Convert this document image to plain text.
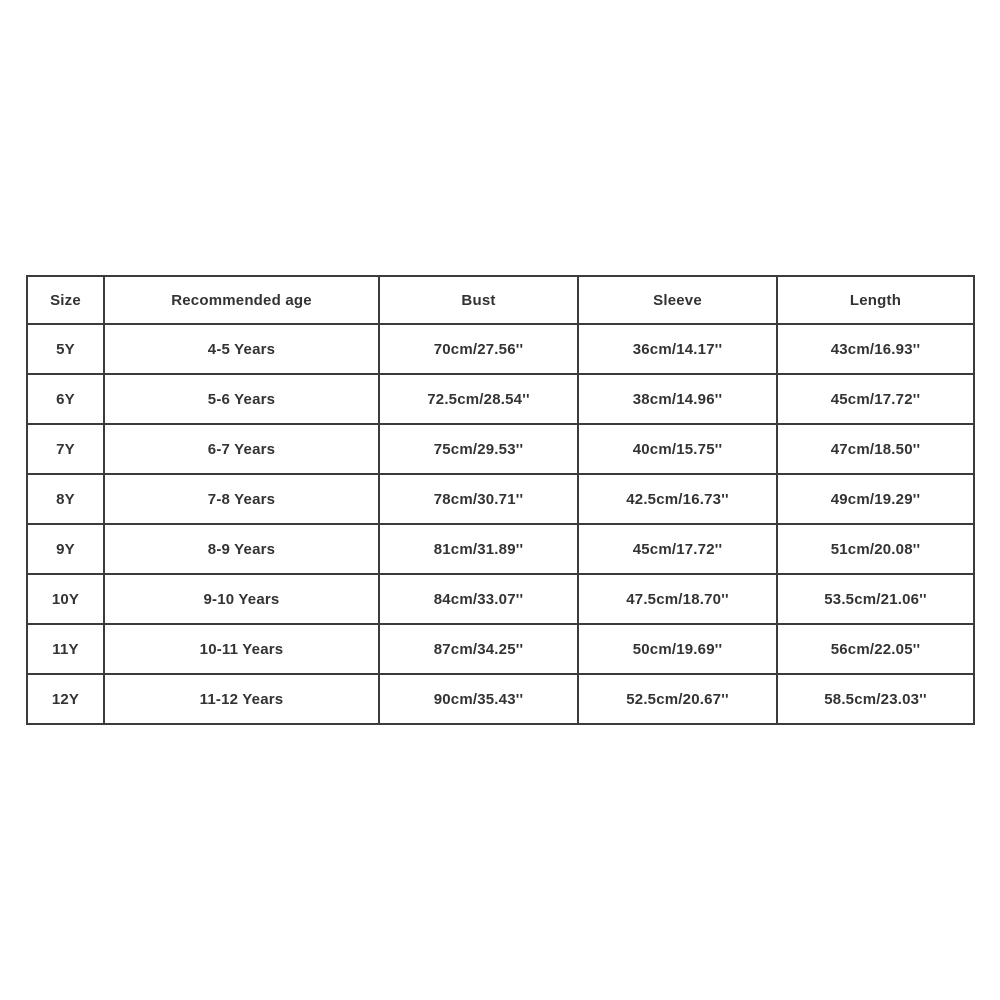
Size	Recommended age	Bust	Sleeve	Length
5Y	4-5 Years	70cm/27.56''	36cm/14.17''	43cm/16.93''
6Y	5-6 Years	72.5cm/28.54''	38cm/14.96''	45cm/17.72''
7Y	6-7 Years	75cm/29.53''	40cm/15.75''	47cm/18.50''
8Y	7-8 Years	78cm/30.71''	42.5cm/16.73''	49cm/19.29''
9Y	8-9 Years	81cm/31.89''	45cm/17.72''	51cm/20.08''
10Y	9-10 Years	84cm/33.07''	47.5cm/18.70''	53.5cm/21.06''
11Y	10-11 Years	87cm/34.25''	50cm/19.69''	56cm/22.05''
12Y	11-12 Years	90cm/35.43''	52.5cm/20.67''	58.5cm/23.03''
